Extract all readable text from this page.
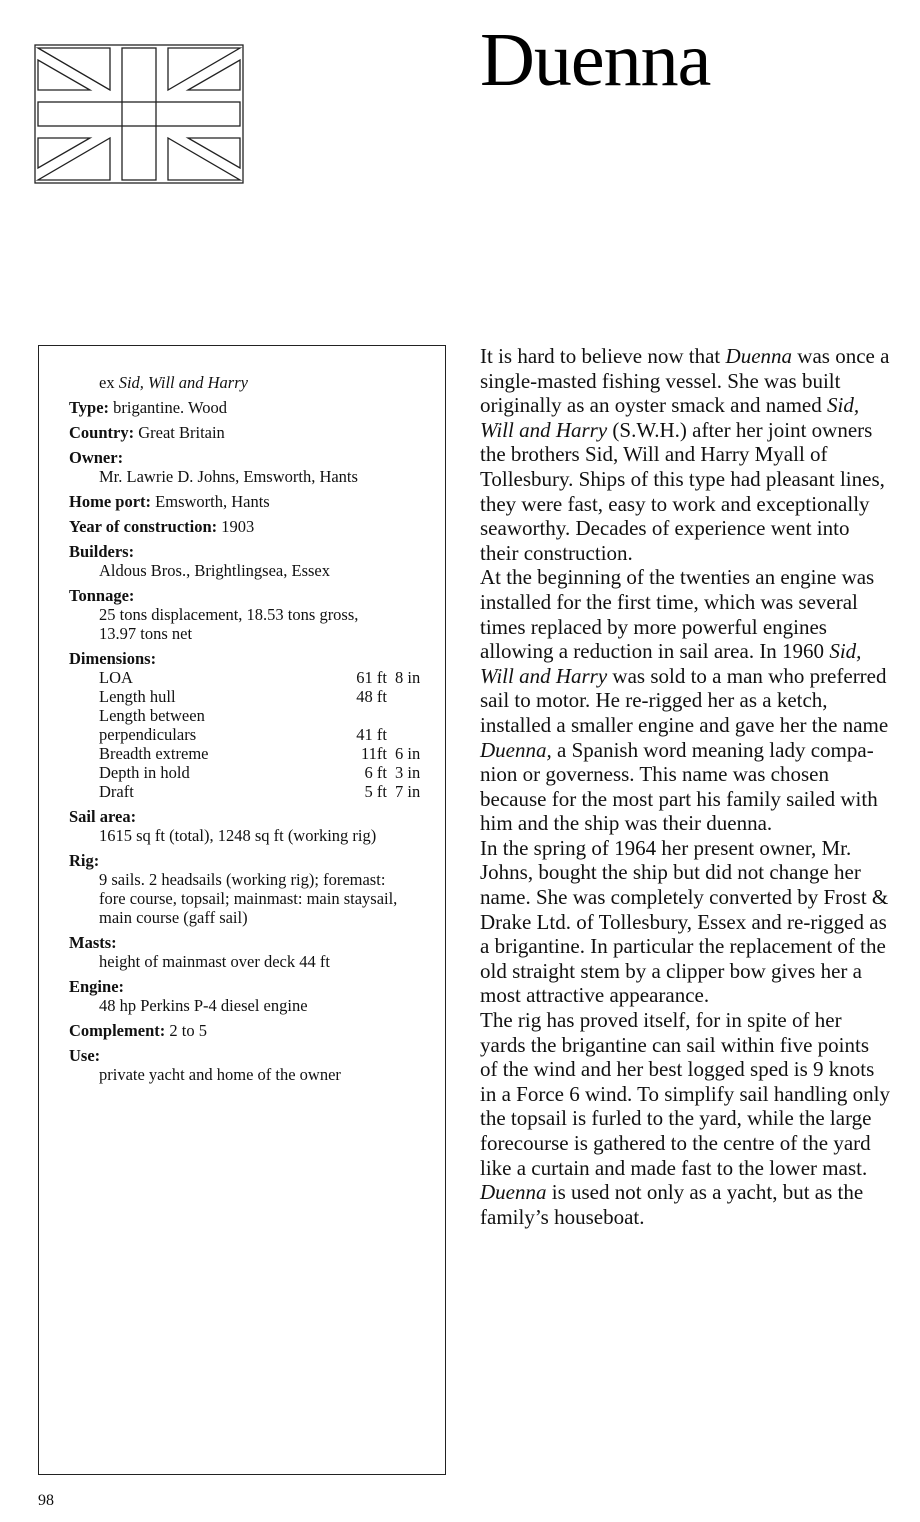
Duenna
ex Sid, Will and Harry
Type: brigantine. Wood
Country: Great Britain
Owner:
Mr. Lawrie D. Johns, Emsworth, Hants
Home port: Emsworth, Hants
Year of construction: 1903
Builders:
Aldous Bros., Brightlingsea, Essex
Tonnage:
25 tons displacement, 18.53 tons gross, 13.97 tons net
Dimensions:
LOA	61 ft	8 in
Length hull	48 ft	
Length between		
perpendiculars	41 ft	
Breadth extreme	11ft	6 in
Depth in hold	6 ft	3 in
Draft	5 ft	7 in
Sail area:
1615 sq ft (total), 1248 sq ft (working rig)
Rig:
9 sails. 2 headsails (working rig); foremast: fore course, topsail; mainmast: main staysail, main course (gaff sail)
Masts:
height of mainmast over deck 44 ft
Engine:
48 hp Perkins P-4 diesel engine
Complement: 2 to 5
Use:
private yacht and home of the owner

It is hard to believe now that Duenna was once a single-masted fishing vessel. She was built originally as an oyster smack and named Sid, Will and Harry (S.W.H.) after her joint owners the brothers Sid, Will and Harry Myall of Tollesbury. Ships of this type had pleasant lines, they were fast, easy to work and exceptionally seaworthy. Decades of experience went into their construction.

At the beginning of the twenties an engine was installed for the first time, which was several times replaced by more powerful engines allowing a reduction in sail area. In 1960 Sid, Will and Harry was sold to a man who preferred sail to motor. He re-rigged her as a ketch, installed a smaller engine and gave her the name Duenna, a Spanish word meaning lady companion or governess. This name was chosen because for the most part his family sailed with him and the ship was their duenna.

In the spring of 1964 her present owner, Mr. Johns, bought the ship but did not change her name. She was completely converted by Frost & Drake Ltd. of Tollesbury, Essex and re-rigged as a brigantine. In particular the replacement of the old straight stem by a clipper bow gives her a most attractive appearance.

The rig has proved itself, for in spite of her yards the brigantine can sail within five points of the wind and her best logged sped is 9 knots in a Force 6 wind. To simplify sail handling only the topsail is furled to the yard, while the large forecourse is gathered to the centre of the yard like a curtain and made fast to the lower mast. Duenna is used not only as a yacht, but as the family’s houseboat.

98
